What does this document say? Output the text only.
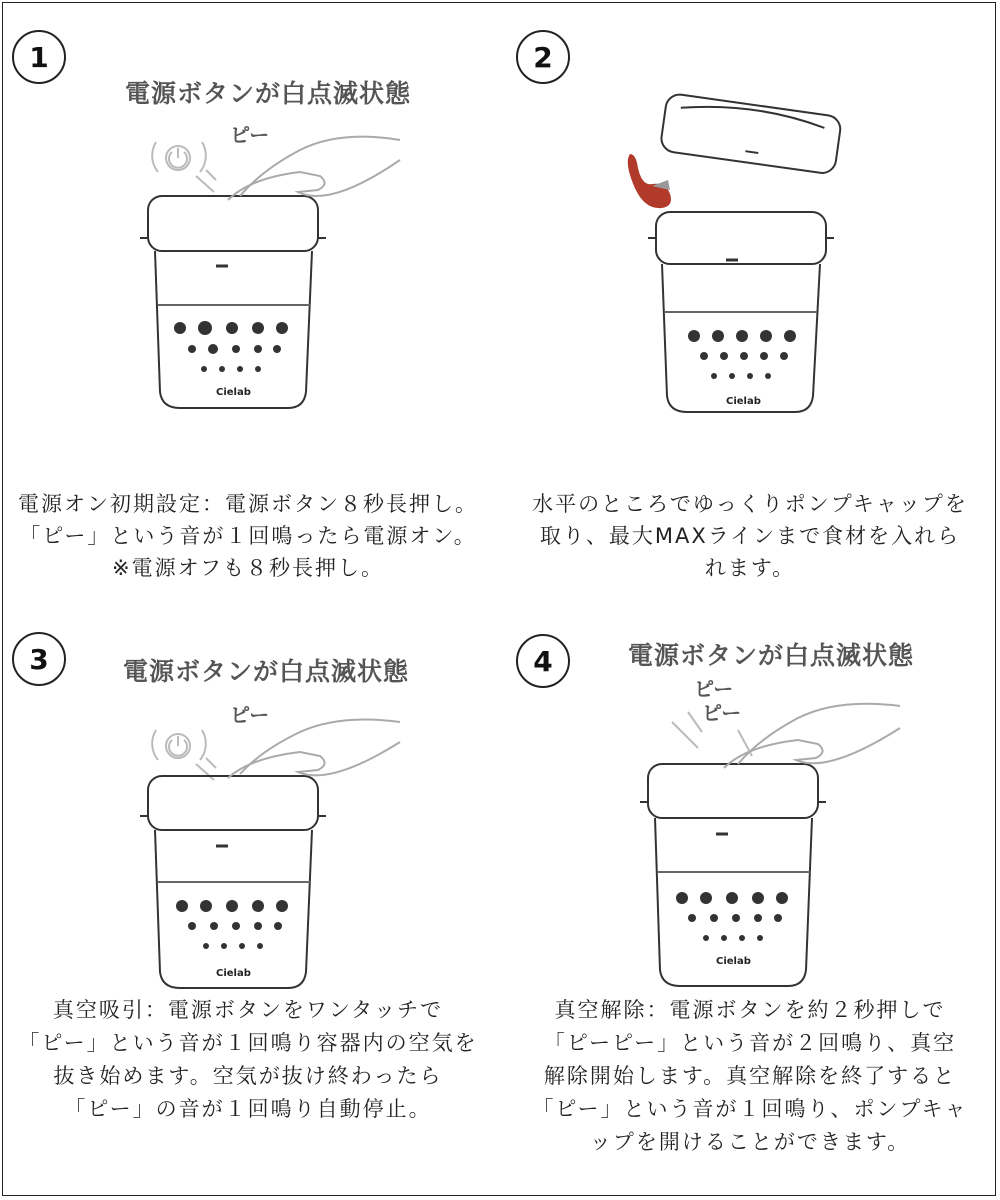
1
電源ボタンが白点滅状態
ピー
Cielab
電源オン初期設定：電源ボタン８秒長押し。
「ピー」という音が１回鳴ったら電源オン。
※電源オフも８秒長押し。
2
Cielab
水平のところでゆっくりポンプキャップを
取り、最大MAXラインまで食材を入れら
れます。
3	電源ボタンが白点滅状態
ピー
Cielab
真空吸引：電源ボタンをワンタッチで
「ピー」という音が１回鳴り容器内の空気を
抜き始めます。空気が抜け終わったら
「ピー」の音が１回鳴り自動停止。
4	電源ボタンが白点滅状態
ピー
ピー
Cielab
真空解除：電源ボタンを約２秒押しで
「ピーピー」という音が２回鳴り、真空
解除開始します。真空解除を終了すると
「ピー」という音が１回鳴り、ポンプキャ
ップを開けることができます。
